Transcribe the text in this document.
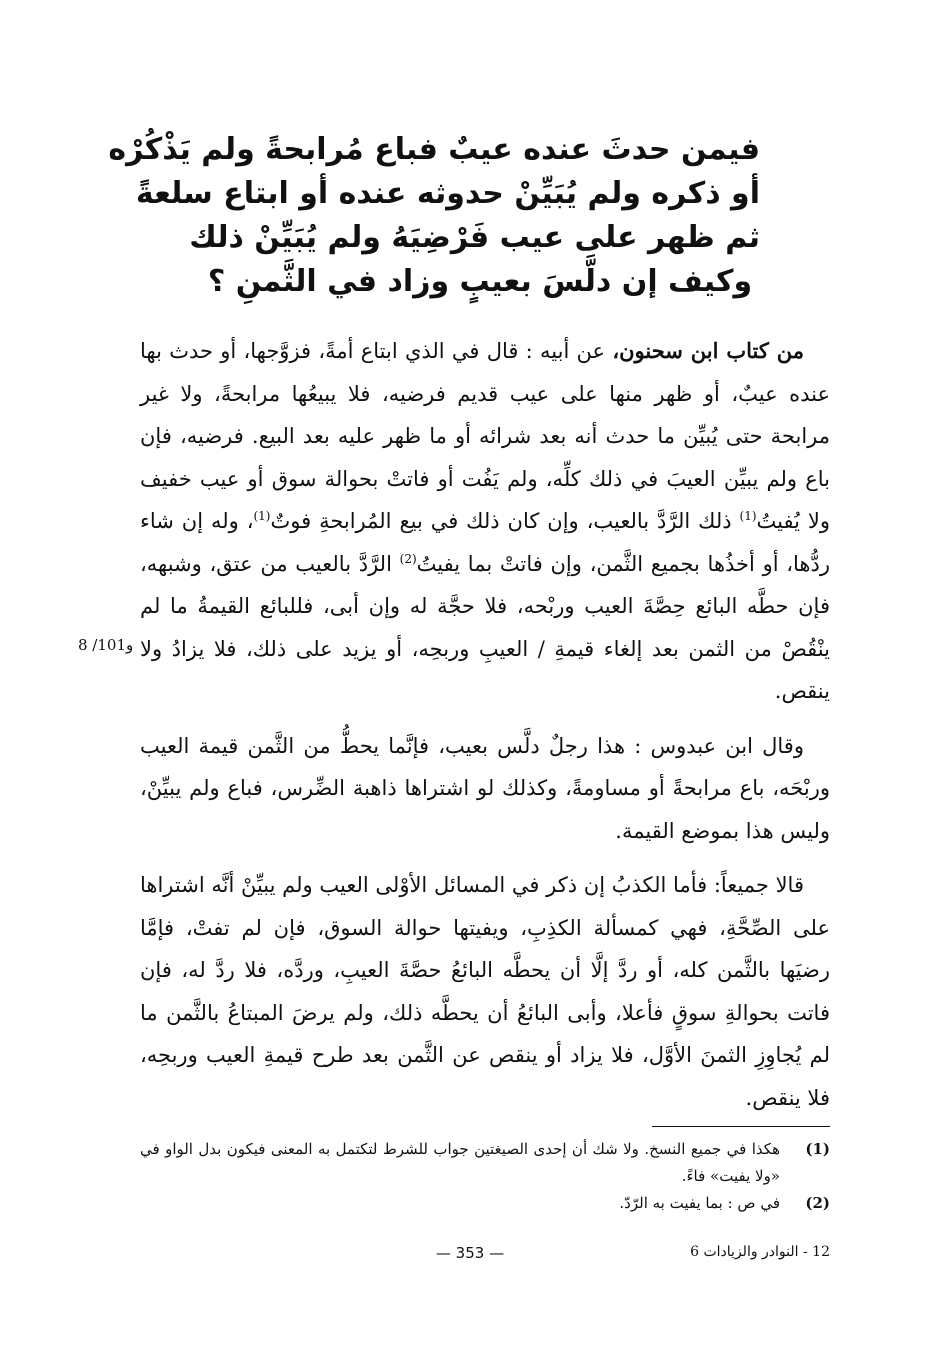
فيمن حدثَ عنده عيبٌ فباع مُرابحةً ولم يَذْكُرْه
أو ذكره ولم يُبَيِّنْ حدوثه عنده أو ابتاع سلعةً
ثم ظهر على عيب فَرْضِيَهُ ولم يُبَيِّنْ ذلك
وكيف إن دلَّسَ بعيبٍ وزاد في الثَّمنِ ؟

من كتاب ابن سحنون، عن أبيه : قال في الذي ابتاع أمةً، فزوَّجها، أو حدث بها عنده عيبٌ، أو ظهر منها على عيب قديم فرضيه، فلا يبيعُها مرابحةً، ولا غير مرابحة حتى يُبيِّن ما حدث أنه بعد شرائه أو ما ظهر عليه بعد البيع. فرضيه، فإن باع ولم يبيِّن العيبَ في ذلك كلِّه، ولم يَفُت أو فاتتْ بحوالة سوق أو عيب خفيف ولا يُفيتُ$^{(1)}$ ذلك الرَّدَّ بالعيب، وإن كان ذلك في بيع المُرابحةِ فوتٌ$^{(1)}$، وله إن شاء ردُّها، أو أخذُها بجميع الثَّمن، وإن فاتتْ بما يفيتُ$^{(2)}$ الرَّدَّ بالعيب من عتق، وشبهه، فإن حطَّه البائع حِصَّةَ العيب وربْحه، فلا حجَّة له وإن أبى، فللبائع القيمةُ ما لم ينْقُصْ من الثمن بعد إلغاء قيمةِ / العيبِ وربحِه، أو يزيد على ذلك، فلا يزادُ ولا ينقص.

وقال ابن عبدوس : هذا رجلٌ دلَّس بعيب، فإنَّما يحطُّ من الثَّمن قيمة العيب وربْحَه، باع مرابحةً أو مساومةً، وكذلك لو اشتراها ذاهبة الضِّرس، فباع ولم يبيِّنْ، وليس هذا بموضع القيمة.

قالا جميعاً: فأما الكذبُ إن ذكر في المسائل الأوْلى العيب ولم يبيِّنْ أنَّه اشتراها على الصِّحَّةِ، فهي كمسألة الكذِبِ، ويفيتها حوالة السوق، فإن لم تفتْ، فإمَّا رضيَها بالثَّمن كله، أو ردَّ إلَّا أن يحطَّه البائعُ حصَّةَ العيبِ، وردَّه، فلا ردَّ له، فإن فاتت بحوالةِ سوقٍ فأعلا، وأبى البائعُ أن يحطَّه ذلك، ولم يرضَ المبتاعُ بالثَّمن ما لم يُجاوِزِ الثمنَ الأوَّل، فلا يزاد أو ينقص عن الثَّمن بعد طرح قيمةِ العيب وربحِه، فلا ينقص.

8 /101و
(1)
هكذا في جميع النسخ. ولا شك أن إحدى الصيغتين جواب للشرط لتكتمل به المعنى فيكون بدل الواو في «ولا يفيت» فاءً.
(2)
في ص : بما يفيت به الرّدّ.
— 353 —	12 - النوادر والزيادات 6
